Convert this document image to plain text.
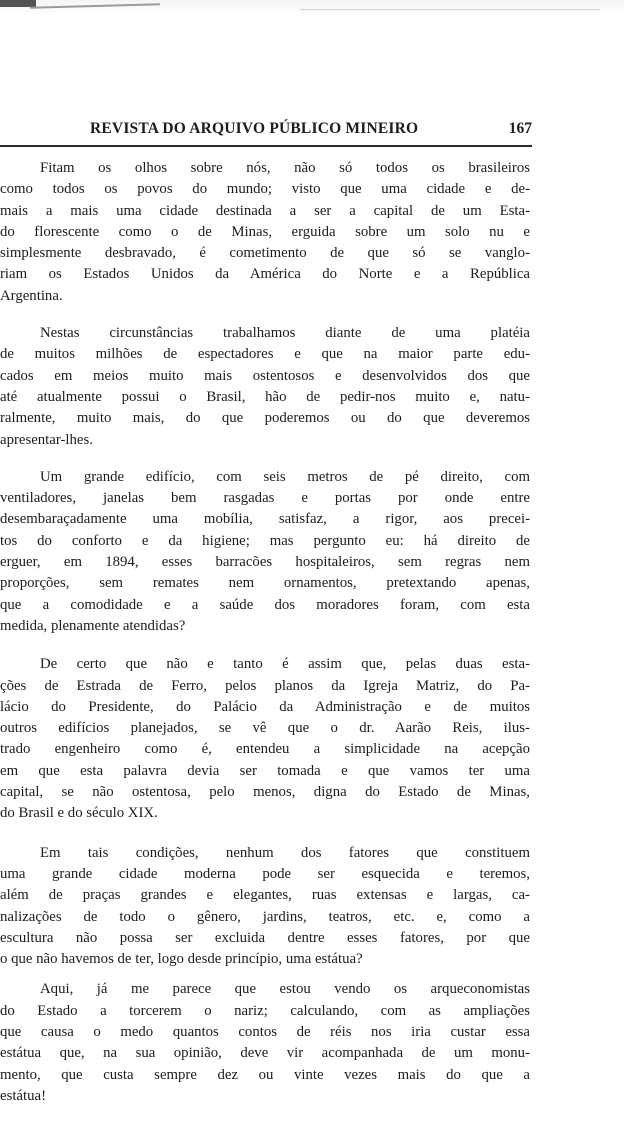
REVISTA DO ARQUIVO PÚBLICO MINEIRO	167
Fitam os olhos sobre nós, não só todos os brasileiros
como todos os povos do mundo; visto que uma cidade e de-
mais a mais uma cidade destinada a ser a capital de um Esta-
do florescente como o de Minas, erguida sobre um solo nu e
simplesmente desbravado, é cometimento de que só se vanglo-
riam os Estados Unidos da América do Norte e a República
Argentina.
Nestas circunstâncias trabalhamos diante de uma platéia
de muitos milhões de espectadores e que na maior parte edu-
cados em meios muito mais ostentosos e desenvolvidos dos que
até atualmente possui o Brasil, hão de pedir-nos muito e, natu-
ralmente, muito mais, do que poderemos ou do que deveremos
apresentar-lhes.
Um grande edifício, com seis metros de pé direito, com
ventiladores, janelas bem rasgadas e portas por onde entre
desembaraçadamente uma mobília, satisfaz, a rigor, aos precei-
tos do conforto e da higiene; mas pergunto eu: há direito de
erguer, em 1894, esses barracões hospitaleiros, sem regras nem
proporções, sem remates nem ornamentos, pretextando apenas,
que a comodidade e a saúde dos moradores foram, com esta
medida, plenamente atendidas?
De certo que não e tanto é assim que, pelas duas esta-
ções de Estrada de Ferro, pelos planos da Igreja Matriz, do Pa-
lácio do Presidente, do Palácio da Administração e de muitos
outros edifícios planejados, se vê que o dr. Aarão Reis, ilus-
trado engenheiro como é, entendeu a simplicidade na acepção
em que esta palavra devia ser tomada e que vamos ter uma
capital, se não ostentosa, pelo menos, digna do Estado de Minas,
do Brasil e do século XIX.
Em tais condições, nenhum dos fatores que constituem
uma grande cidade moderna pode ser esquecida e teremos,
além de praças grandes e elegantes, ruas extensas e largas, ca-
nalizações de todo o gênero, jardins, teatros, etc. e, como a
escultura não possa ser excluida dentre esses fatores, por que
o que não havemos de ter, logo desde princípio, uma estátua?
Aqui, já me parece que estou vendo os arqueconomistas
do Estado a torcerem o nariz; calculando, com as ampliações
que causa o medo quantos contos de réis nos iria custar essa
estátua que, na sua opinião, deve vir acompanhada de um monu-
mento, que custa sempre dez ou vinte vezes mais do que a
estátua!
